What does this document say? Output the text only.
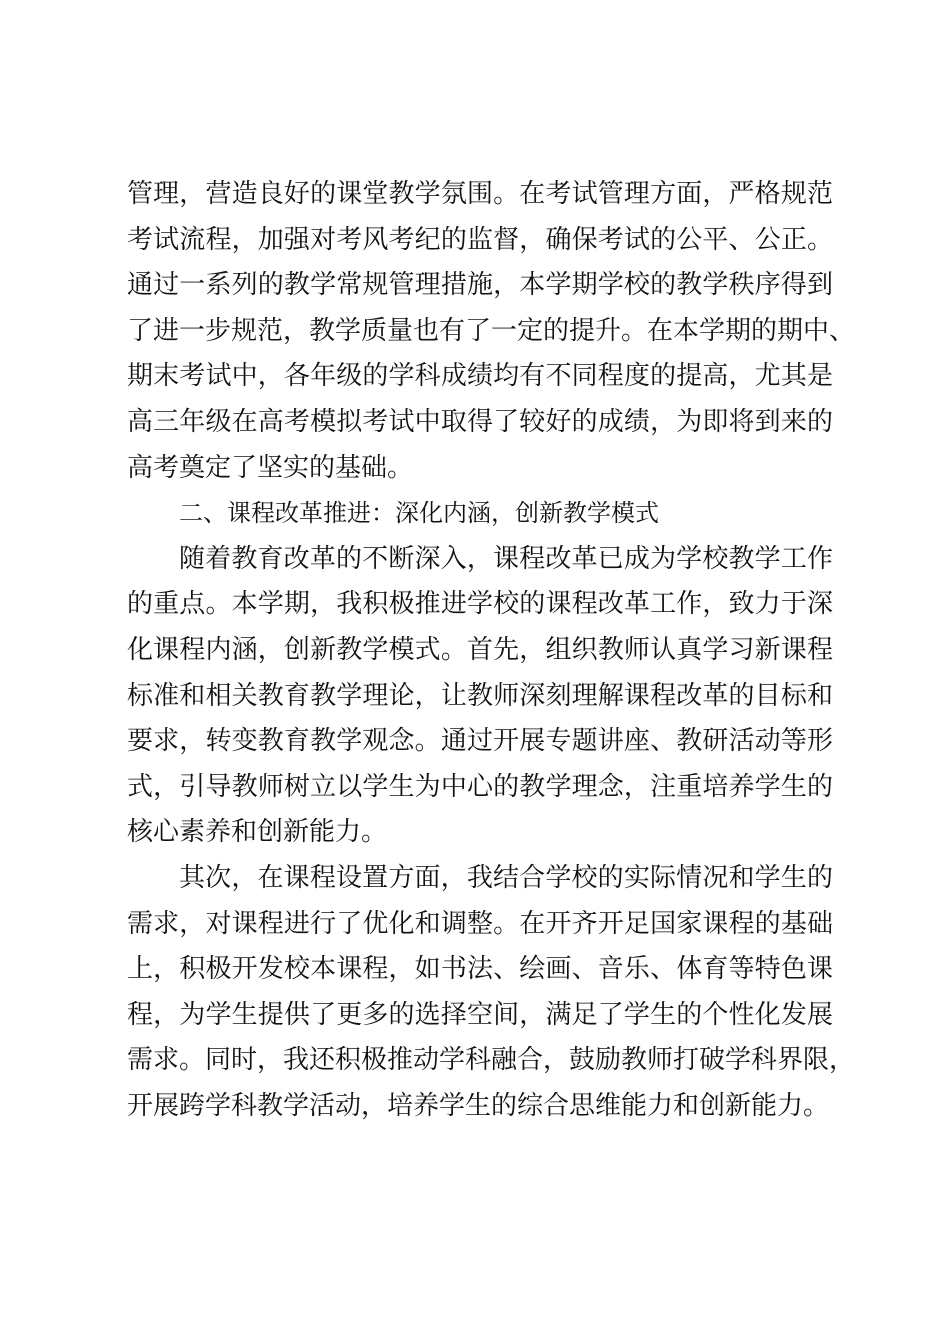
管理，营造良好的课堂教学氛围。在考试管理方面，严格规范
考试流程，加强对考风考纪的监督，确保考试的公平、公正。
通过一系列的教学常规管理措施，本学期学校的教学秩序得到
了进一步规范，教学质量也有了一定的提升。在本学期的期中、
期末考试中，各年级的学科成绩均有不同程度的提高，尤其是
高三年级在高考模拟考试中取得了较好的成绩，为即将到来的
高考奠定了坚实的基础。
二、课程改革推进：深化内涵，创新教学模式
随着教育改革的不断深入，课程改革已成为学校教学工作
的重点。本学期，我积极推进学校的课程改革工作，致力于深
化课程内涵，创新教学模式。首先，组织教师认真学习新课程
标准和相关教育教学理论，让教师深刻理解课程改革的目标和
要求，转变教育教学观念。通过开展专题讲座、教研活动等形
式，引导教师树立以学生为中心的教学理念，注重培养学生的
核心素养和创新能力。
其次，在课程设置方面，我结合学校的实际情况和学生的
需求，对课程进行了优化和调整。在开齐开足国家课程的基础
上，积极开发校本课程，如书法、绘画、音乐、体育等特色课
程，为学生提供了更多的选择空间，满足了学生的个性化发展
需求。同时，我还积极推动学科融合，鼓励教师打破学科界限，
开展跨学科教学活动，培养学生的综合思维能力和创新能力。
